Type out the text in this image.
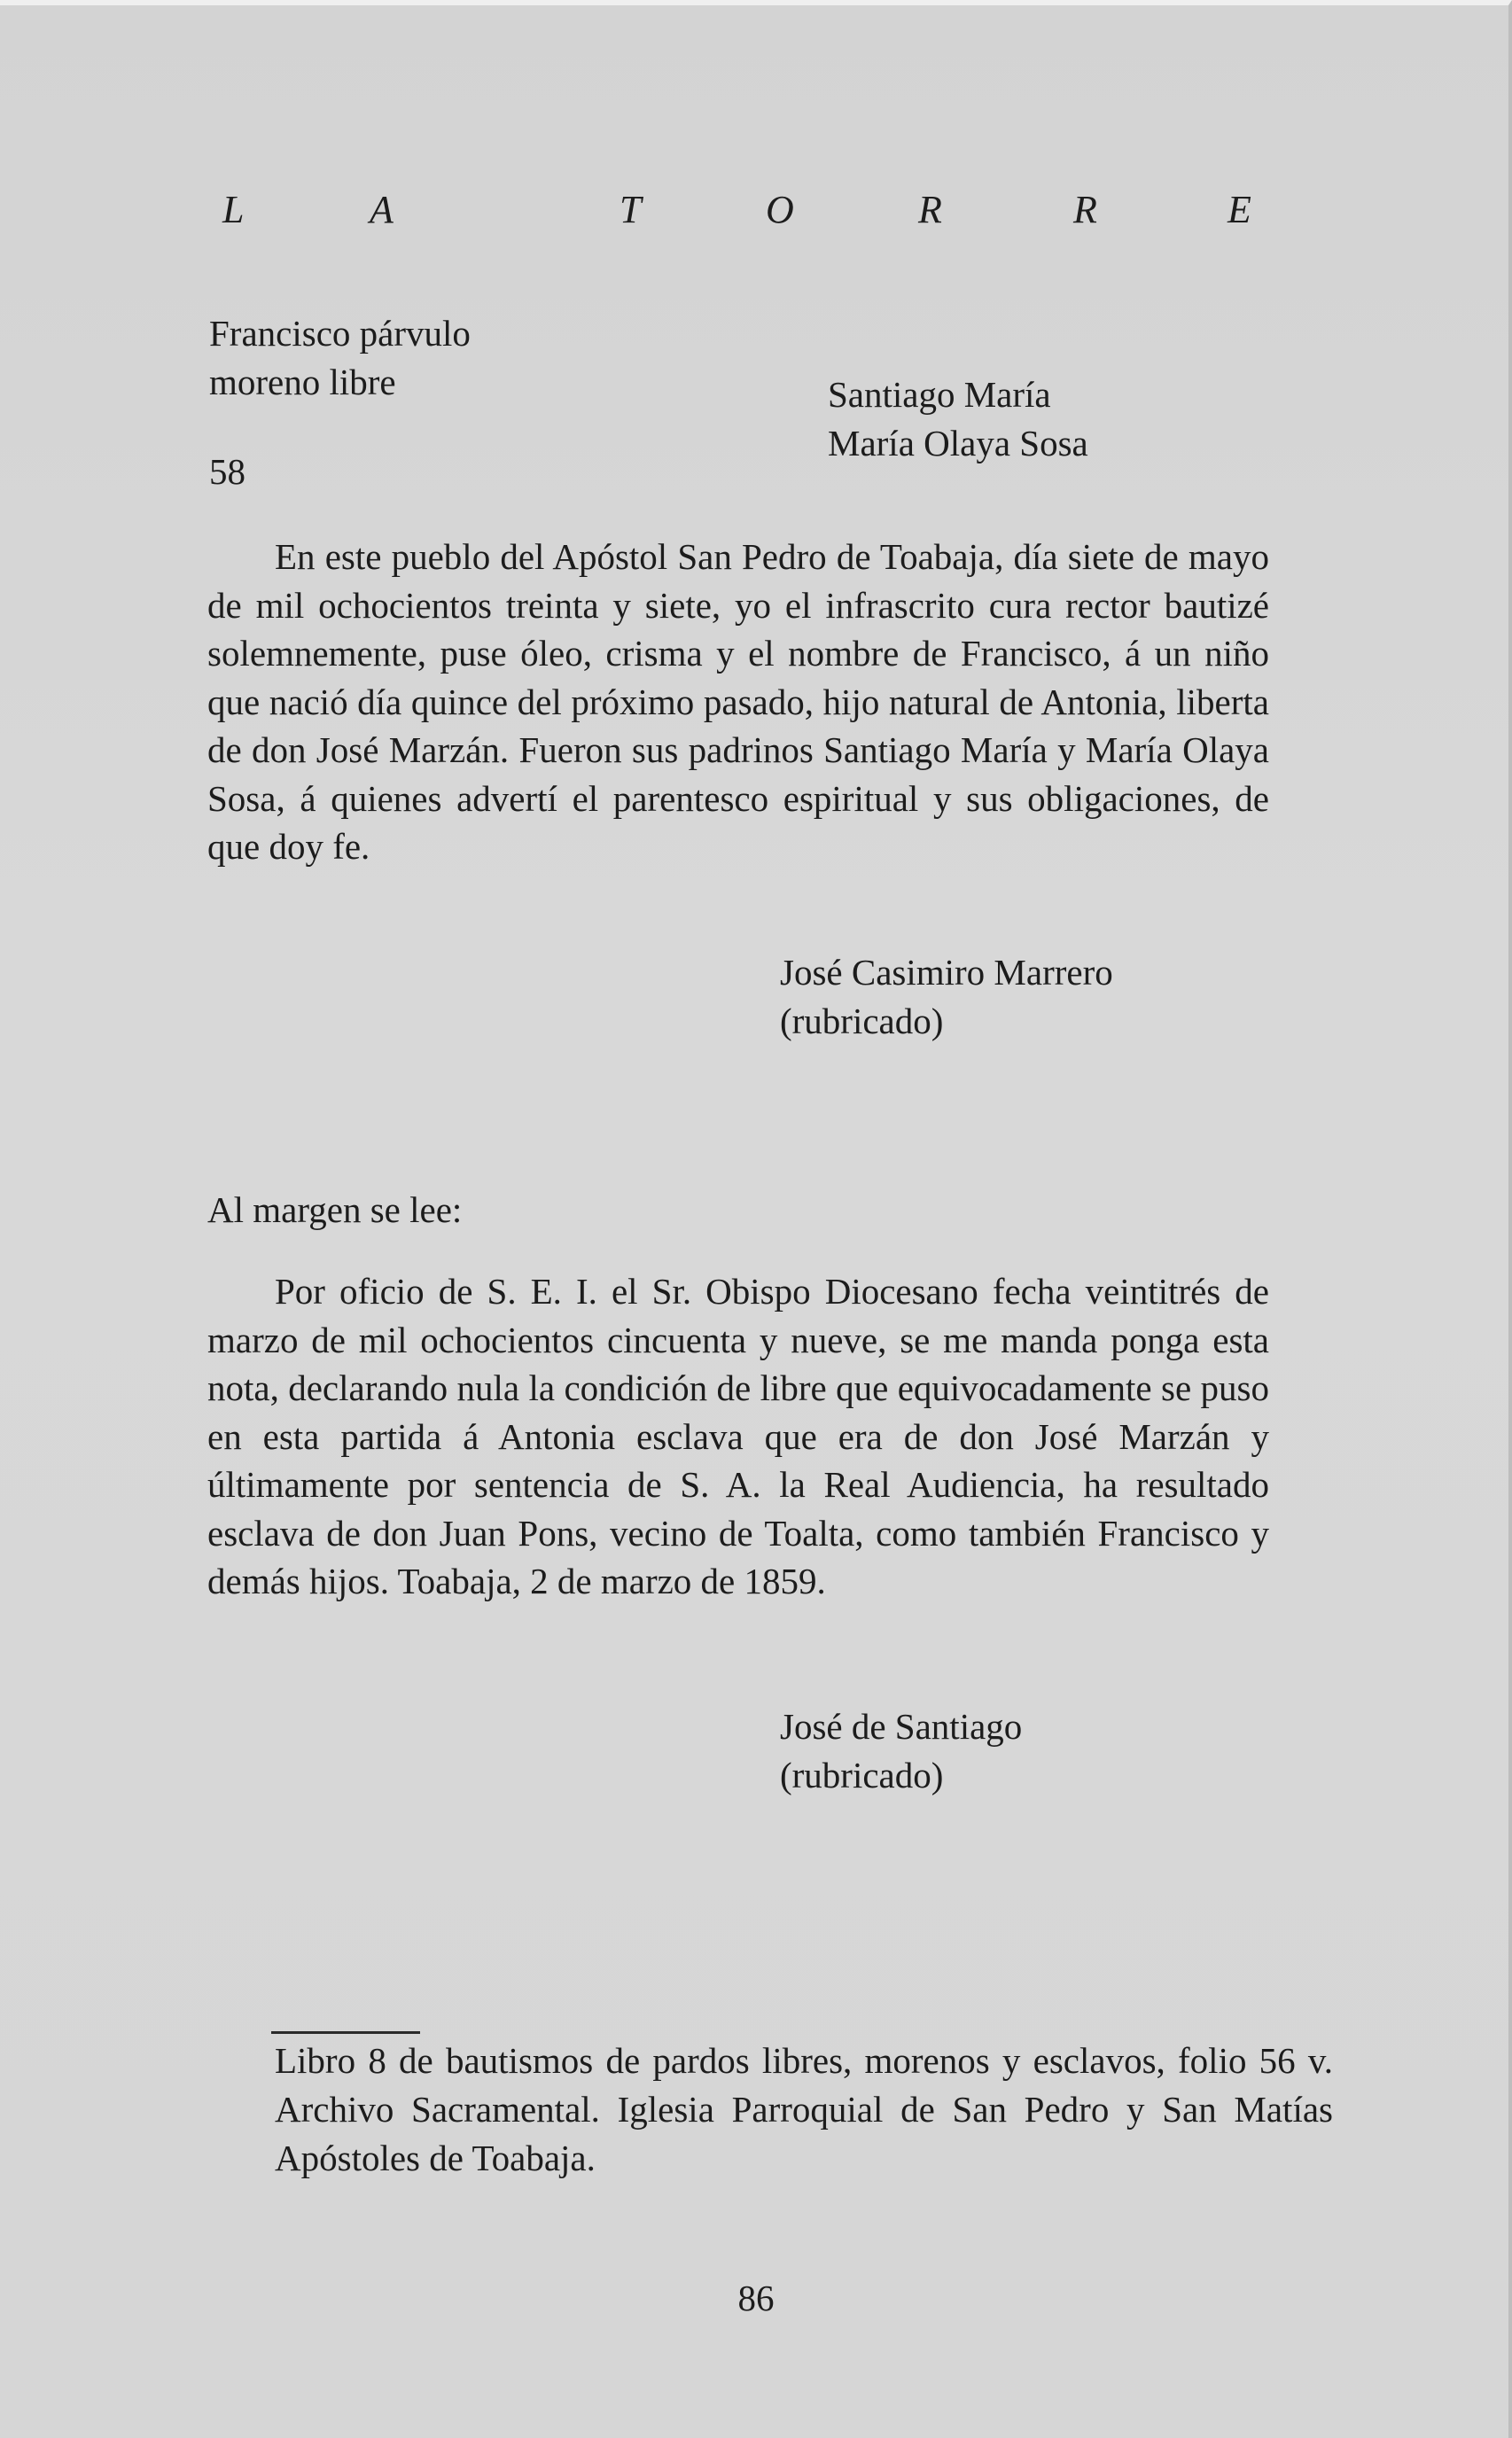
L	A	T	O	R	R	E
Francisco párvulo
moreno libre
58
Santiago María
María Olaya Sosa

En este pueblo del Apóstol San Pedro de Toabaja, día siete de mayo de mil ochocientos treinta y siete, yo el infrascrito cura rector bautizé solemnemente, puse óleo, crisma y el nombre de Francisco, á un niño que nació día quince del próximo pasado, hijo natural de Antonia, liberta de don José Marzán. Fueron sus padrinos Santiago María y María Olaya Sosa, á quienes advertí el parentesco espiritual y sus obligaciones, de que doy fe.

José Casimiro Marrero
(rubricado)
Al margen se lee:

Por oficio de S. E. I. el Sr. Obispo Diocesano fecha veintitrés de marzo de mil ochocientos cincuenta y nueve, se me manda ponga esta nota, declarando nula la condición de libre que equivocadamente se puso en esta partida á Antonia esclava que era de don José Marzán y últimamente por sentencia de S. A. la Real Audiencia, ha resultado esclava de don Juan Pons, vecino de Toalta, como también Francisco y demás hijos. Toabaja, 2 de marzo de 1859.

José de Santiago
(rubricado)

Libro 8 de bautismos de pardos libres, morenos y esclavos, folio 56 v. Archivo Sacramental. Iglesia Parroquial de San Pedro y San Matías Apóstoles de Toabaja.

86
